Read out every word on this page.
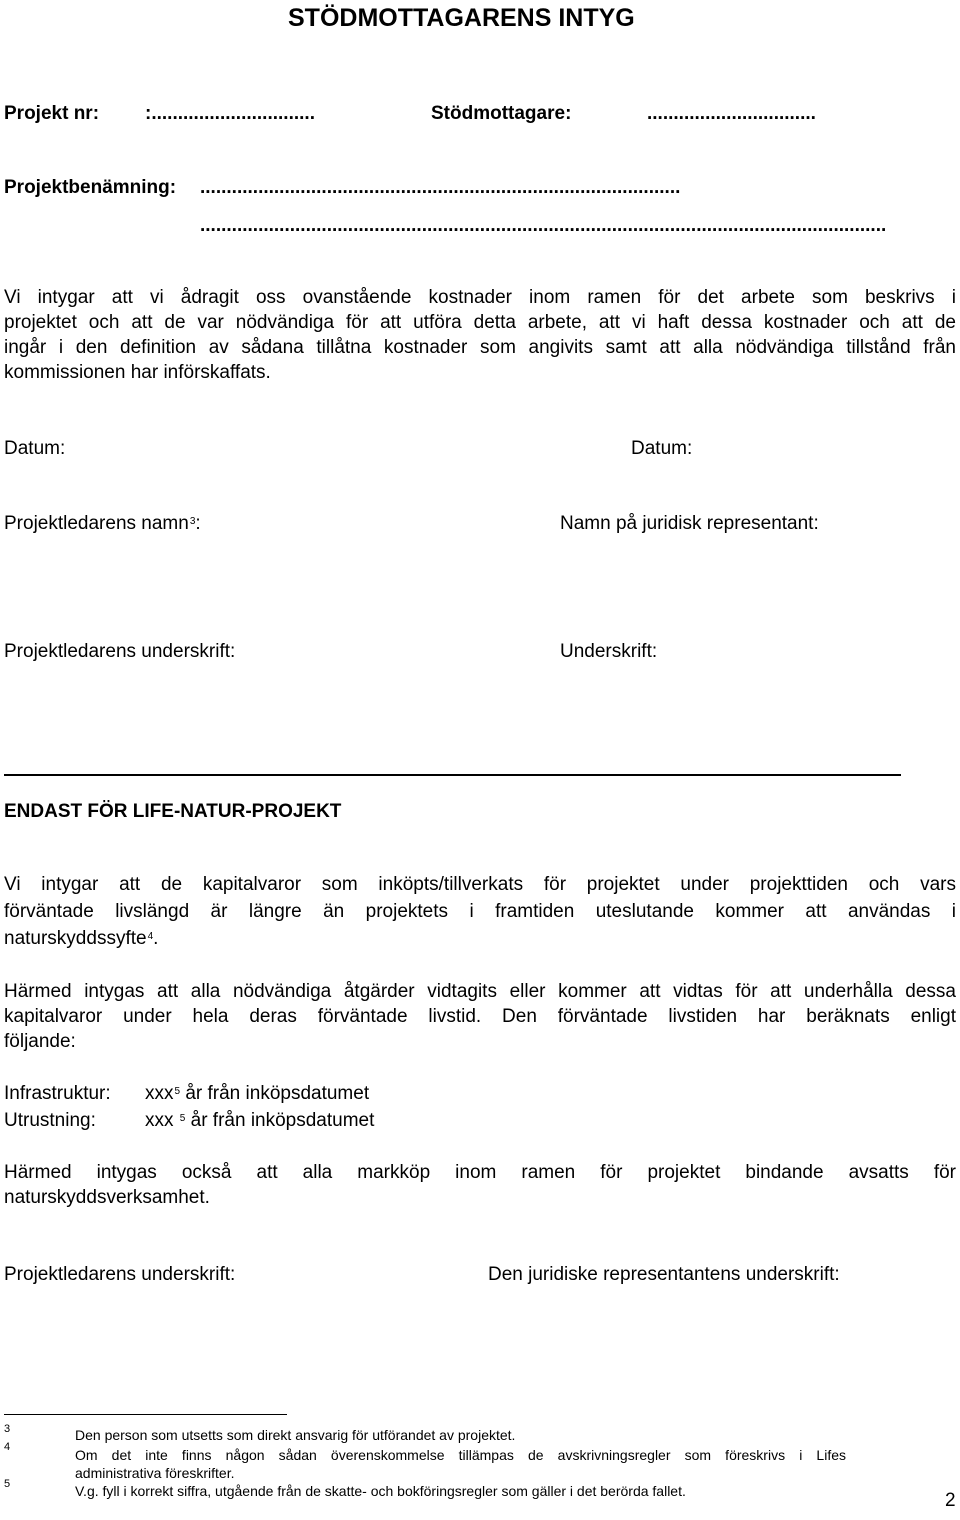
STÖDMOTTAGARENS INTYG
Projekt nr: :...............................	Stödmottagare:	................................
Projektbenämning: ...........................................................................................
..................................................................................................................................
Vi intygar att vi ådragit oss ovanstående kostnader inom ramen för det arbete som beskrivs i
projektet och att de var nödvändiga för att utföra detta arbete, att vi haft dessa kostnader och att de
ingår i den definition av sådana tillåtna kostnader som angivits samt att alla nödvändiga tillstånd från
kommissionen har införskaffats.
Datum:	Datum:
Projektledarens namn$^3$:	Namn på juridisk representant:
Projektledarens underskrift:	Underskrift:
ENDAST FÖR LIFE-NATUR-PROJEKT
Vi intygar att de kapitalvaror som inköpts/tillverkats för projektet under projekttiden och vars
förväntade livslängd är längre än projektets i framtiden uteslutande kommer att användas i
naturskyddssyfte$^4$.
Härmed intygas att alla nödvändiga åtgärder vidtagits eller kommer att vidtas för att underhålla dessa
kapitalvaror under hela deras förväntade livstid. Den förväntade livstiden har beräknats enligt
följande:
Infrastruktur: xxx$^5$ år från inköpsdatumet
Utrustning:	xxx $^5$ år från inköpsdatumet
Härmed intygas också att alla markköp inom ramen för projektet bindande avsatts för
naturskyddsverksamhet.
Projektledarens underskrift:	Den juridiske representantens underskrift:
3	Den person som utsetts som direkt ansvarig för utförandet av projektet.
4	Om det inte finns någon sådan överenskommelse tillämpas de avskrivningsregler som föreskrivs i Lifes
administrativa föreskrifter.
5	V.g. fyll i korrekt siffra, utgående från de skatte- och bokföringsregler som gäller i det berörda fallet.	2
